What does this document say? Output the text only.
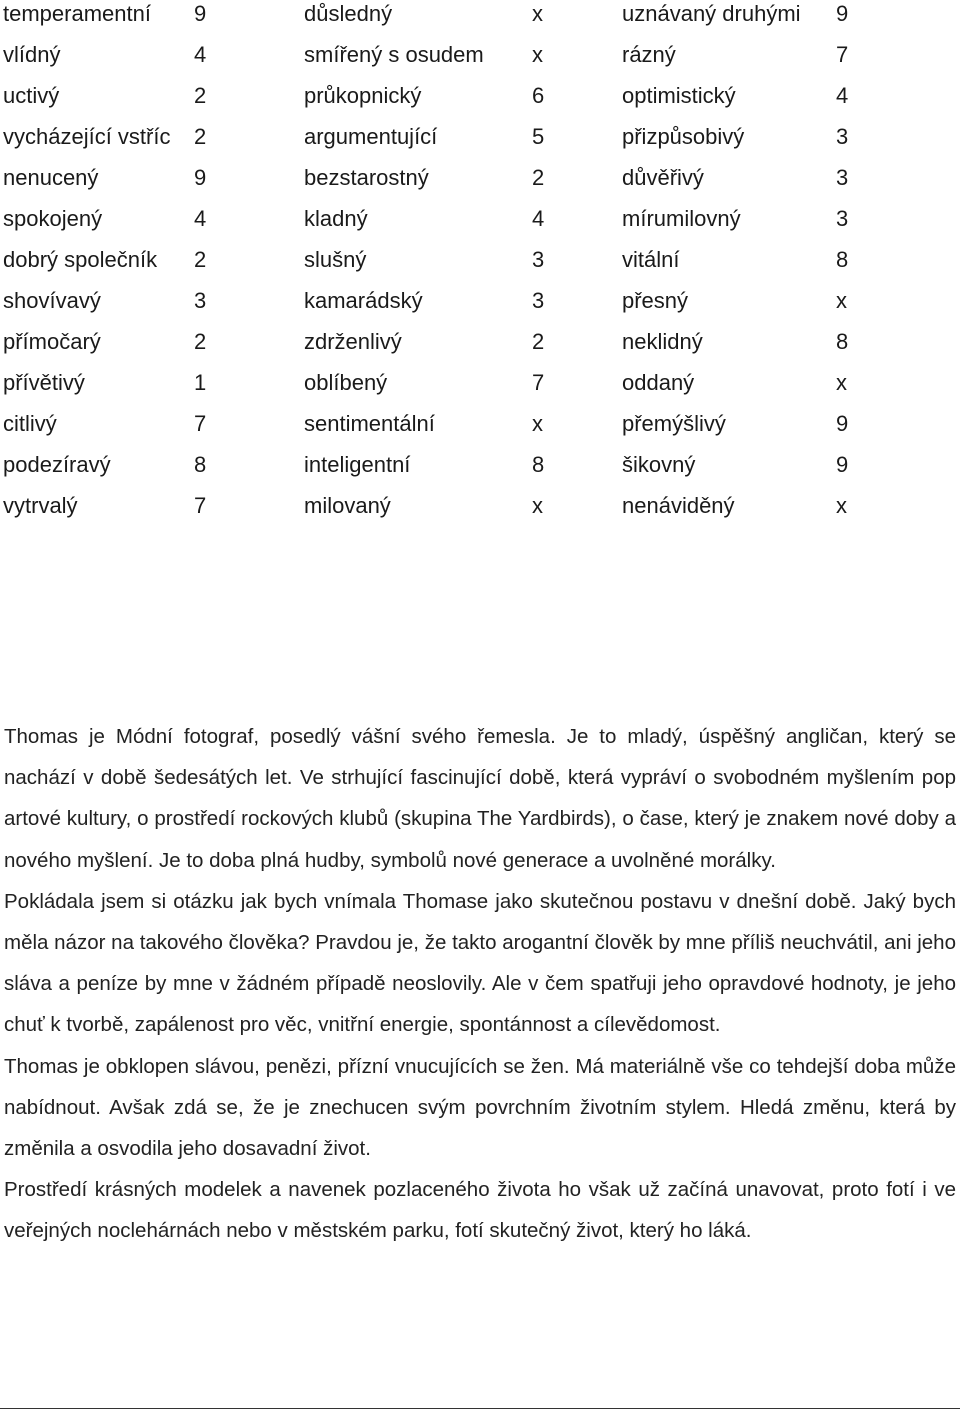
temperamentní 9	důsledný	x	uznávaný druhými 9
vlídný	4	smířený s osudem x	rázný	7
uctivý	2	průkopnický	6	optimistický	4
vycházející vstříc 2	argumentující	5	přizpůsobivý	3
nenucený	9	bezstarostný	2	důvěřivý	3
spokojený	4	kladný	4	mírumilovný	3
dobrý společník 2	slušný	3	vitální	8
shovívavý	3	kamarádský	3	přesný	x
přímočarý	2	zdrženlivý	2	neklidný	8
přívětivý	1	oblíbený	7	oddaný	x
citlivý	7	sentimentální	x	přemýšlivý	9
podezíravý	8	inteligentní	8	šikovný	9
vytrvalý	7	milovaný	x	nenáviděný	x

Thomas je Módní fotograf, posedlý vášní svého řemesla. Je to mladý, úspěšný angličan, který se nachází v době šedesátých let. Ve strhující fascinující době, která vypráví o svobodném myšlením pop artové kultury, o prostředí rockových klubů (skupina The Yardbirds), o čase, který je znakem nové doby a nového myšlení. Je to doba plná hudby, symbolů nové generace a uvolněné morálky.

Pokládala jsem si otázku jak bych vnímala Thomase jako skutečnou postavu v dnešní době. Jaký bych měla názor na takového člověka? Pravdou je, že takto arogantní člověk by mne příliš neuchvátil, ani jeho sláva a peníze by mne v žádném případě neoslovily. Ale v čem spatřuji jeho opravdové hodnoty, je jeho chuť k tvorbě, zapálenost pro věc, vnitřní energie, spontánnost a cílevědomost.

Thomas je obklopen slávou, penězi, přízní vnucujících se žen. Má materiálně vše co tehdejší doba může nabídnout. Avšak zdá se, že je znechucen svým povrchním životním stylem. Hledá změnu, která by změnila a osvodila jeho dosavadní život.

Prostředí krásných modelek a navenek pozlaceného života ho však už začíná unavovat, proto fotí i ve veřejných noclehárnách nebo v městském parku, fotí skutečný život, který ho láká.
